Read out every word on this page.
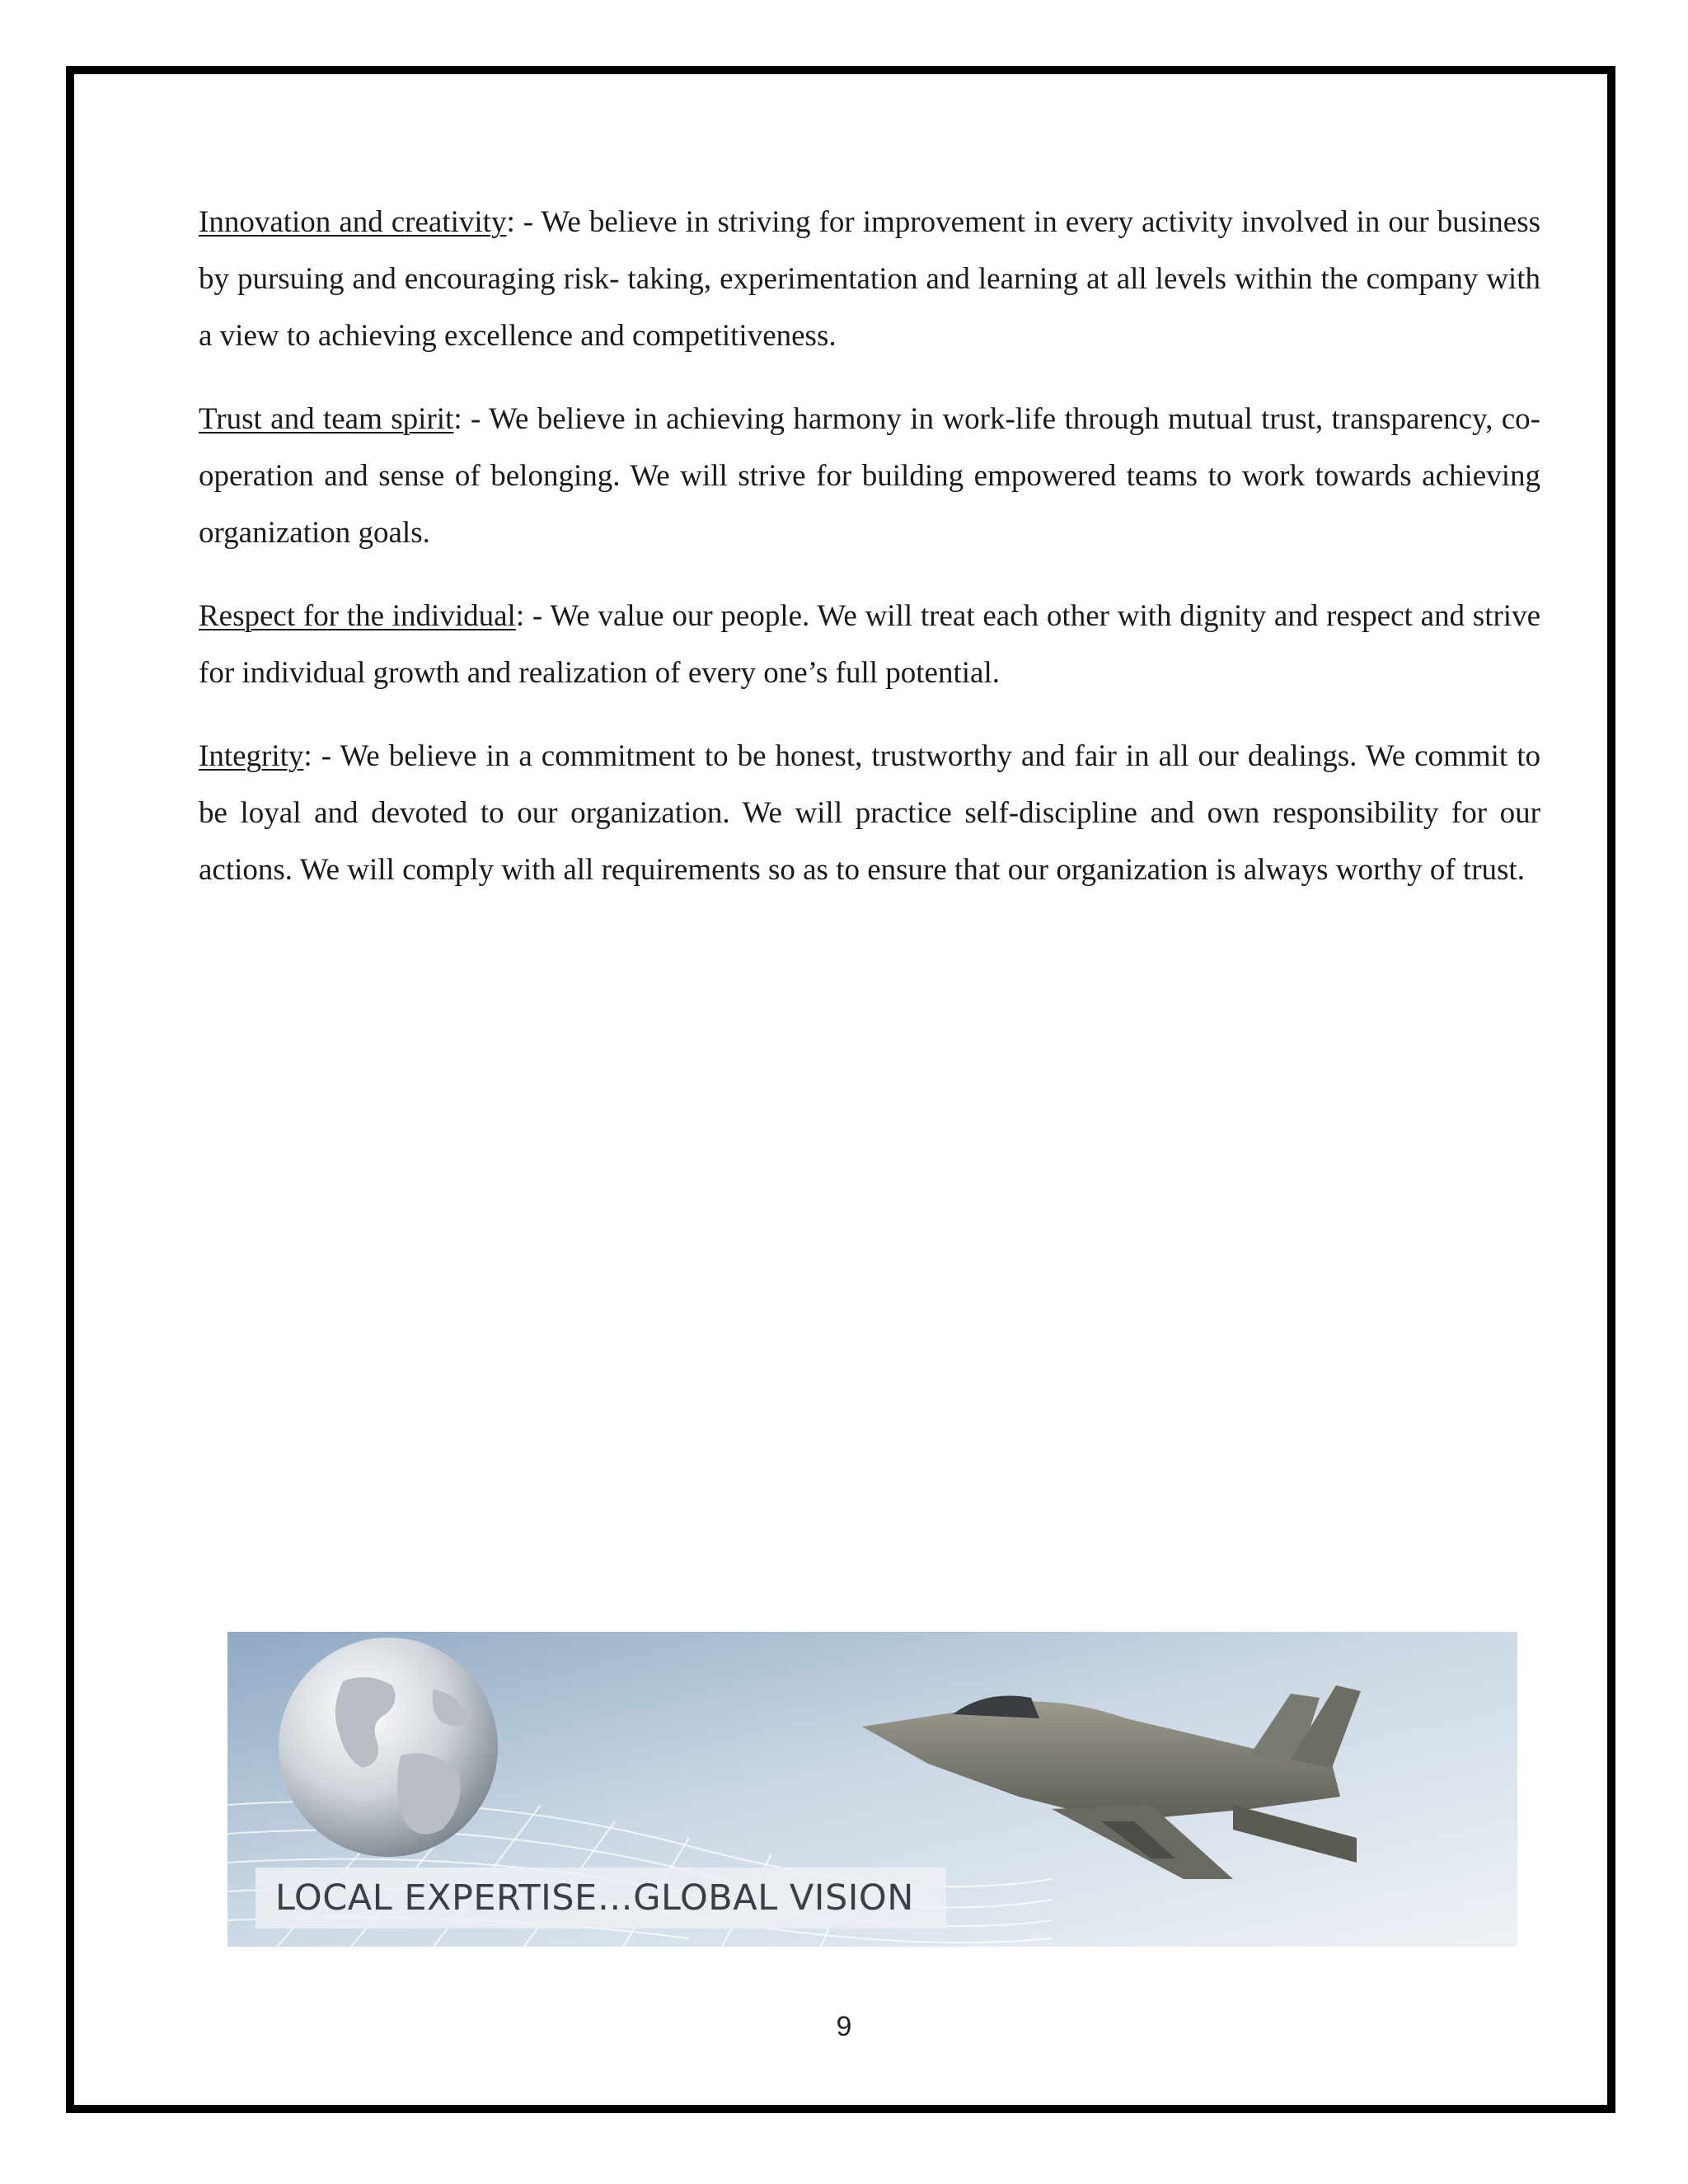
Innovation and creativity: - We believe in striving for improvement in every activity involved in our business by pursuing and encouraging risk- taking, experimentation and learning at all levels within the company with a view to achieving excellence and competitiveness.

Trust and team spirit: - We believe in achieving harmony in work-life through mutual trust, transparency, co-operation and sense of belonging. We will strive for building empowered teams to work towards achieving organization goals.

Respect for the individual: - We value our people. We will treat each other with dignity and respect and strive for individual growth and realization of every one’s full potential.

Integrity: - We believe in a commitment to be honest, trustworthy and fair in all our dealings. We commit to be loyal and devoted to our organization. We will practice self-discipline and own responsibility for our actions. We will comply with all requirements so as to ensure that our organization is always worthy of trust.

LOCAL EXPERTISE…GLOBAL VISION
9
